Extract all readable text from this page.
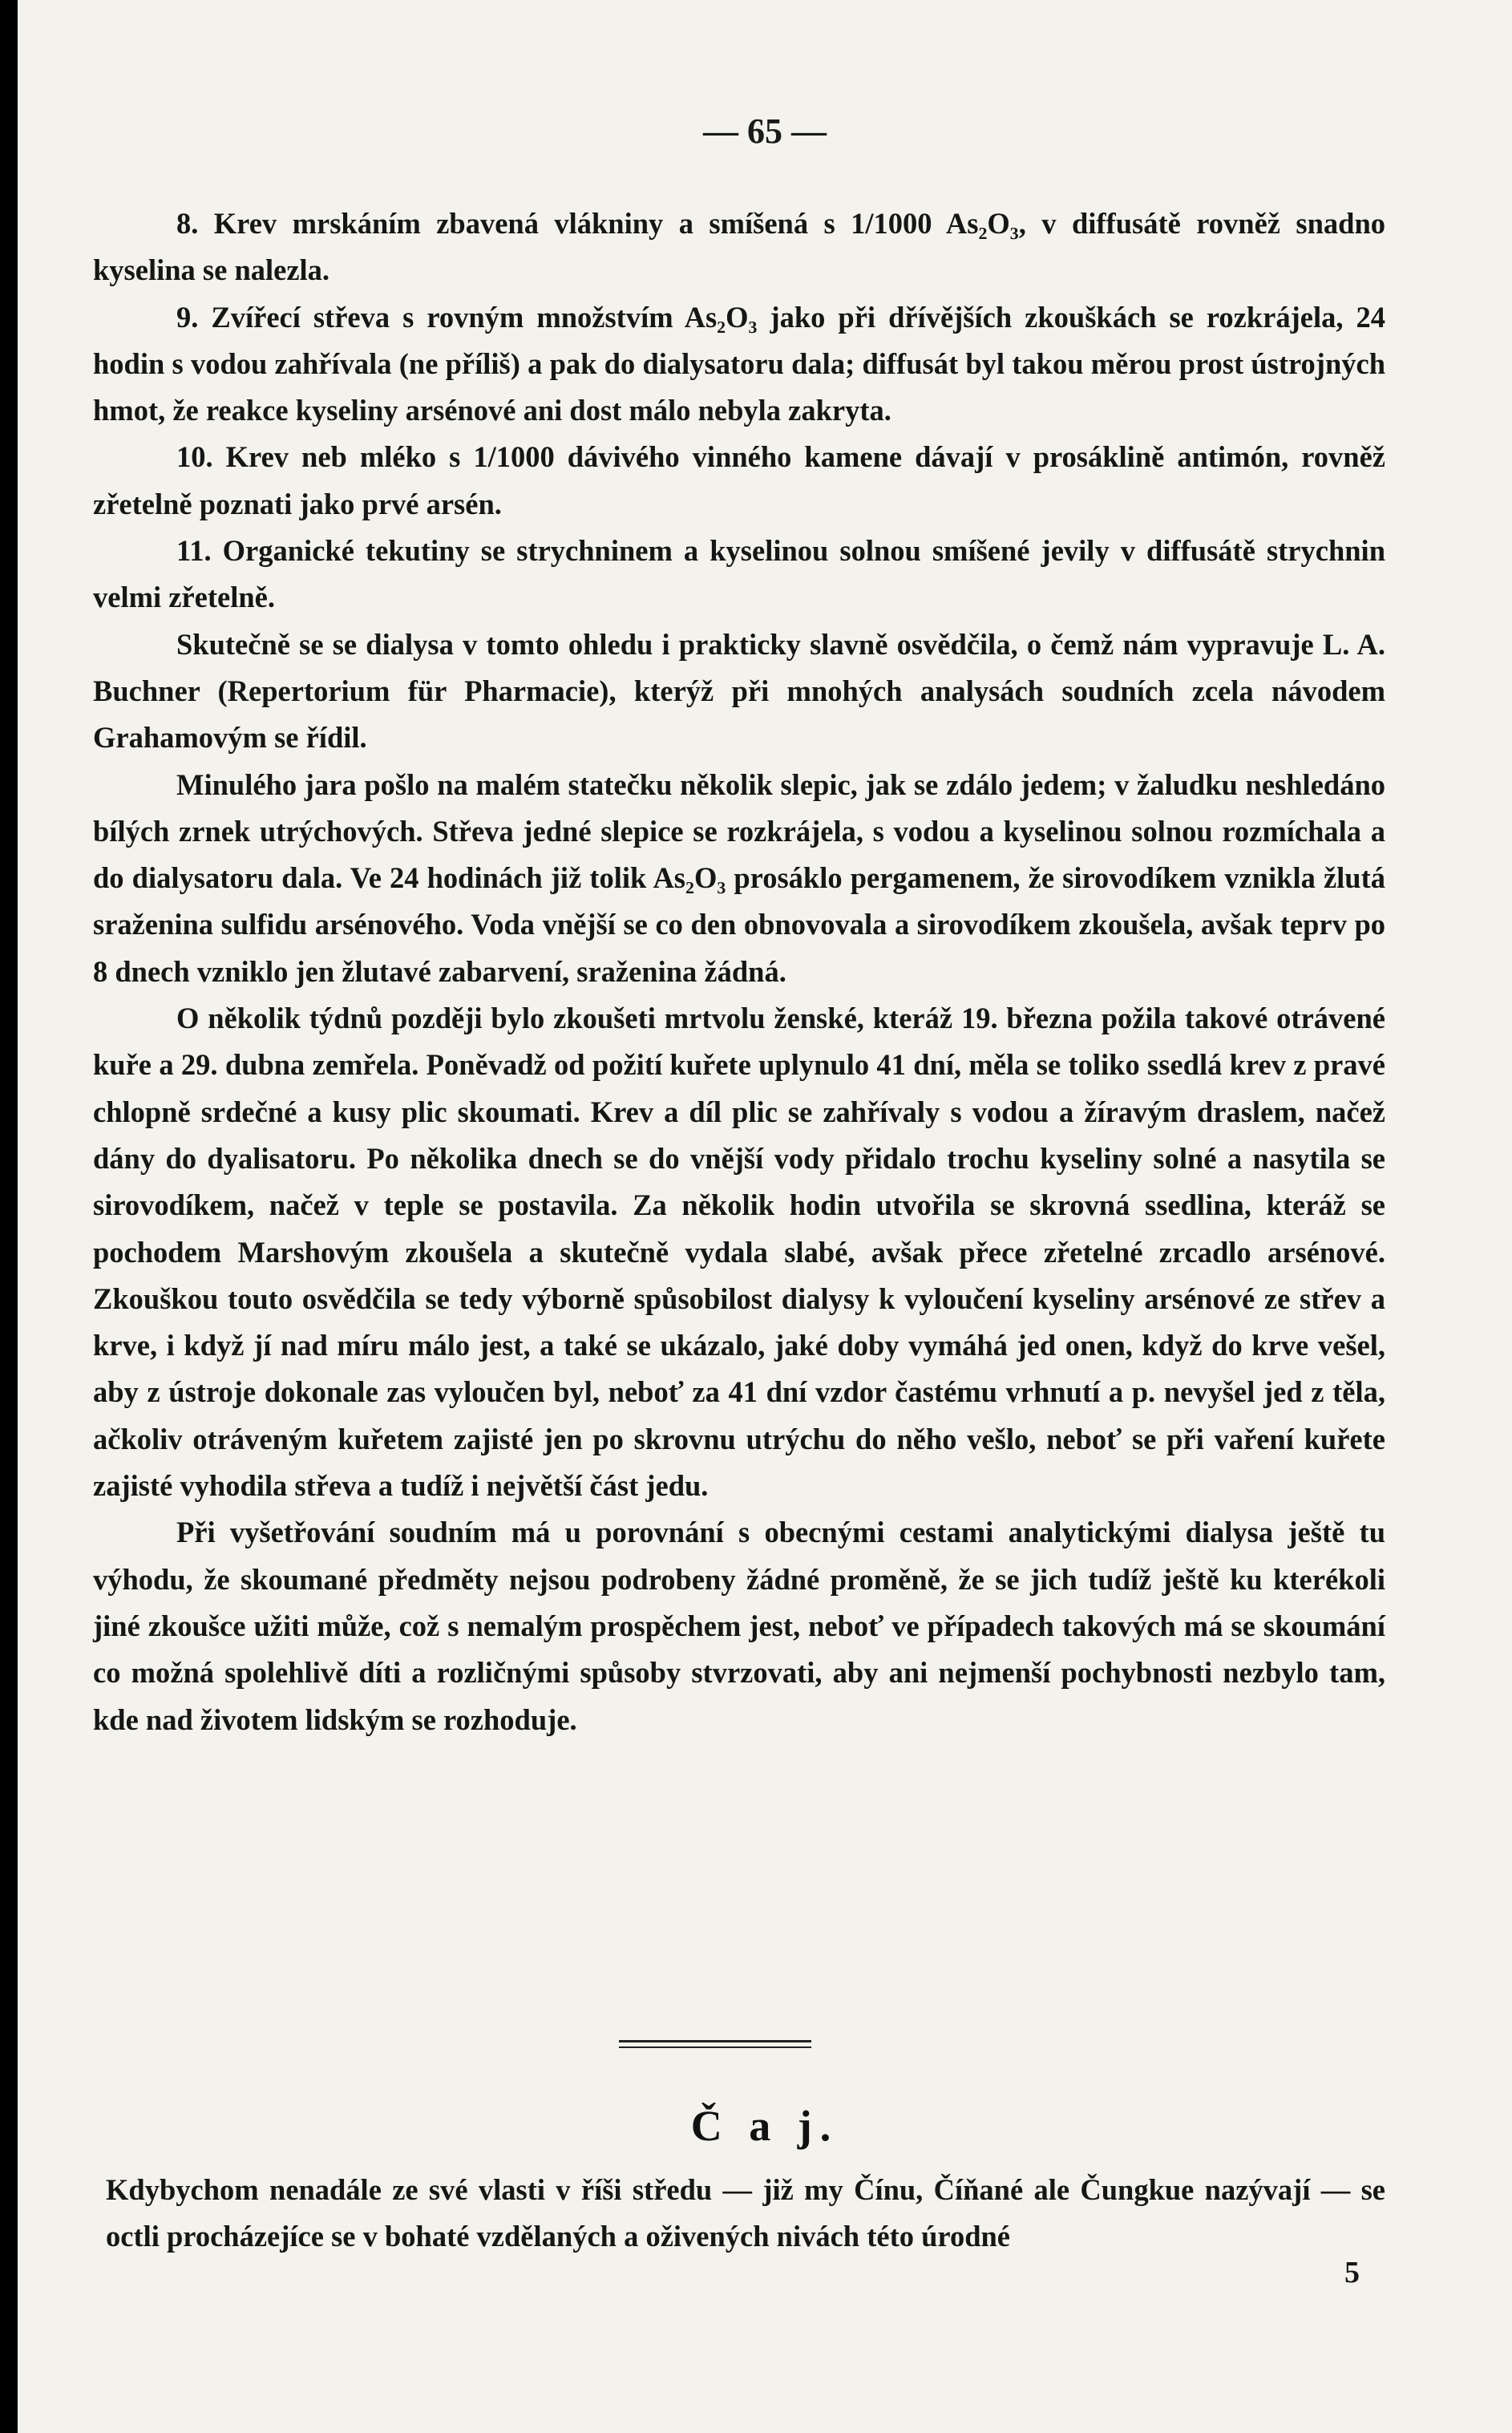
— 65 —

8. Krev mrskáním zbavená vlákniny a smíšená s 1/1000 As₂O₃, v diffusátě rovněž snadno kyselina se nalezla.

9. Zvířecí střeva s rovným množstvím As₂O₃ jako při dřívějších zkouškách se rozkrájela, 24 hodin s vodou zahřívala (ne příliš) a pak do dialysatoru dala; diffusát byl takou měrou prost ústrojných hmot, že reakce kyseliny arsénové ani dost málo nebyla zakryta.

10. Krev neb mléko s 1/1000 dávivého vinného kamene dávají v prosáklině antimón, rovněž zřetelně poznati jako prvé arsén.

11. Organické tekutiny se strychninem a kyselinou solnou smíšené jevily v diffusátě strychnin velmi zřetelně.

Skutečně se se dialysa v tomto ohledu i prakticky slavně osvědčila, o čemž nám vypravuje L. A. Buchner (Repertorium für Pharmacie), kterýž při mnohých analysách soudních zcela návodem Grahamovým se řídil.

Minulého jara pošlo na malém statečku několik slepic, jak se zdálo jedem; v žaludku neshledáno bílých zrnek utrýchových. Střeva jedné slepice se rozkrájela, s vodou a kyselinou solnou rozmíchala a do dialysatoru dala. Ve 24 hodinách již tolik As₂O₃ prosáklo pergamenem, že sirovodíkem vznikla žlutá sraženina sulfidu arsénového. Voda vnější se co den obnovovala a sirovodíkem zkoušela, avšak teprv po 8 dnech vzniklo jen žlutavé zabarvení, sraženina žádná.

O několik týdnů později bylo zkoušeti mrtvolu ženské, kteráž 19. března požila takové otrávené kuře a 29. dubna zemřela. Poněvadž od požití kuřete uplynulo 41 dní, měla se toliko ssedlá krev z pravé chlopně srdečné a kusy plic skoumati. Krev a díl plic se zahřívaly s vodou a žíravým draslem, načež dány do dyalisatoru. Po několika dnech se do vnější vody přidalo trochu kyseliny solné a nasytila se sirovodíkem, načež v teple se postavila. Za několik hodin utvořila se skrovná ssedlina, kteráž se pochodem Marshovým zkoušela a skutečně vydala slabé, avšak přece zřetelné zrcadlo arsénové. Zkouškou touto osvědčila se tedy výborně spůsobilost dialysy k vyloučení kyseliny arsénové ze střev a krve, i když jí nad míru málo jest, a také se ukázalo, jaké doby vymáhá jed onen, když do krve vešel, aby z ústroje dokonale zas vyloučen byl, neboť za 41 dní vzdor častému vrhnutí a p. nevyšel jed z těla, ačkoliv otráveným kuřetem zajisté jen po skrovnu utrýchu do něho vešlo, neboť se při vaření kuřete zajisté vyhodila střeva a tudíž i největší část jedu.

Při vyšetřování soudním má u porovnání s obecnými cestami analytickými dialysa ještě tu výhodu, že skoumané předměty nejsou podrobeny žádné proměně, že se jich tudíž ještě ku kterékoli jiné zkoušce užiti může, což s nemalým prospěchem jest, neboť ve případech takových má se skoumání co možná spolehlivě díti a rozličnými spůsoby stvrzovati, aby ani nejmenší pochybnosti nezbylo tam, kde nad životem lidským se rozhoduje.

Č a j.
Kdybychom nenadále ze své vlasti v říši středu — již my Čínu, Číňané ale Čungkue nazývají — se octli procházejíce se v bohaté vzdělaných a oživených nivách této úrodné
5
